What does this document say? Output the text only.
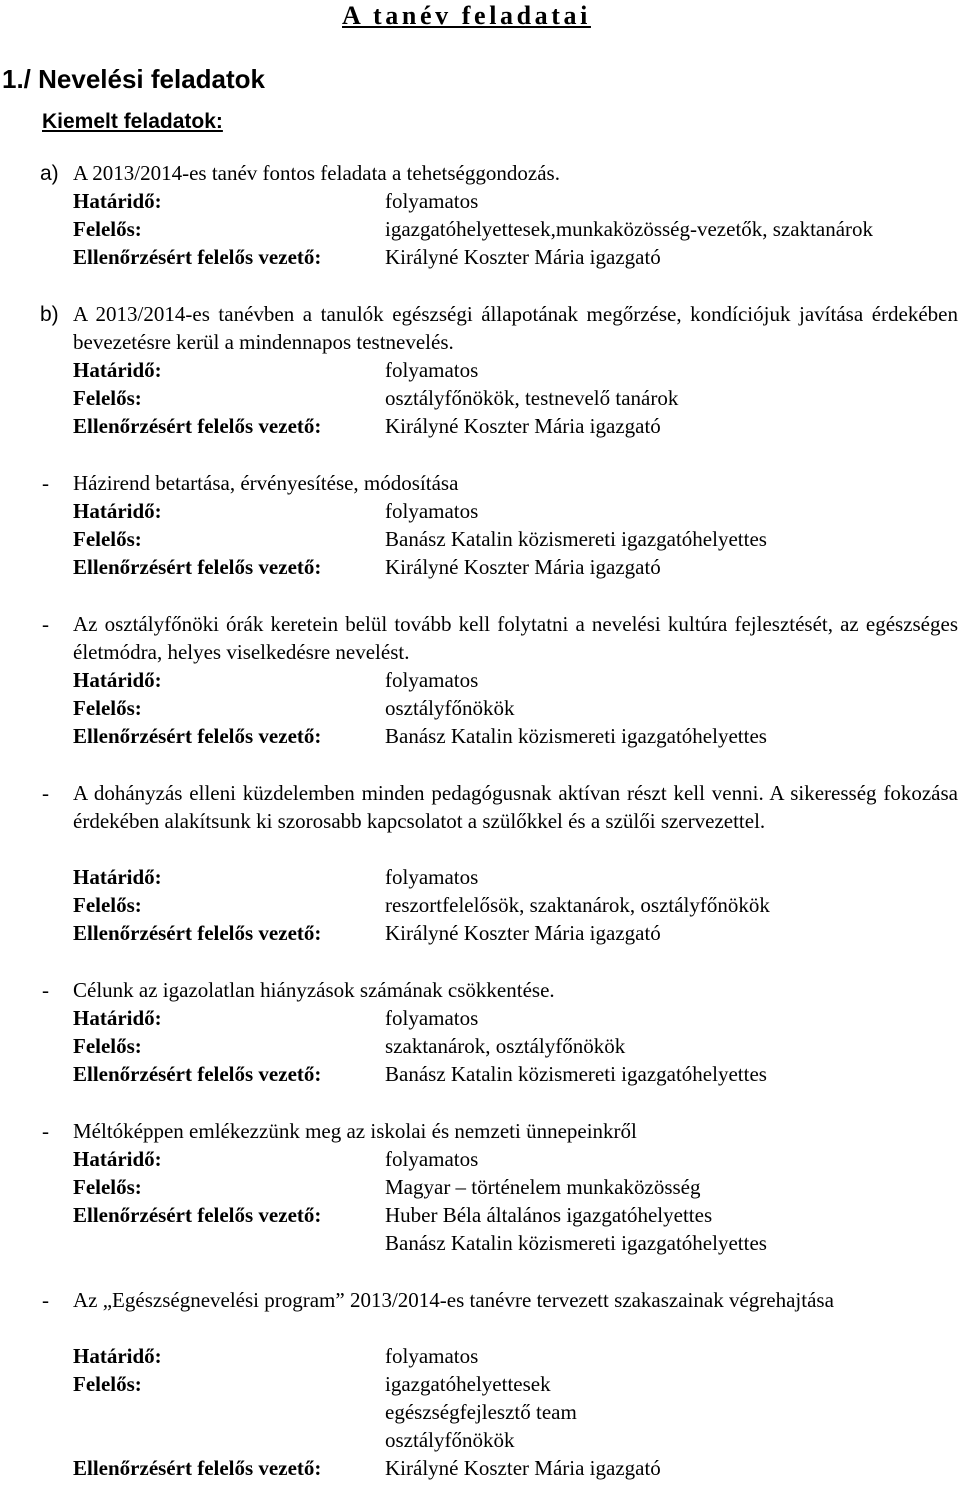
A tanév feladatai
1./ Nevelési feladatok
Kiemelt feladatok:
a) A 2013/2014-es tanév fontos feladata a tehetséggondozás.
Határidő:	folyamatos
Felelős:	igazgatóhelyettesek,munkaközösség-vezetők, szaktanárok
Ellenőrzésért felelős vezető:	Királyné Koszter Mária igazgató
b) A 2013/2014-es tanévben a tanulók egészségi állapotának megőrzése, kondíciójuk javítása érdekében bevezetésre kerül a mindennapos testnevelés.
Határidő:	folyamatos
Felelős:	osztályfőnökök, testnevelő tanárok
Ellenőrzésért felelős vezető:	Királyné Koszter Mária igazgató
- Házirend betartása, érvényesítése, módosítása
Határidő:	folyamatos
Felelős:	Banász Katalin közismereti igazgatóhelyettes
Ellenőrzésért felelős vezető:	Királyné Koszter Mária igazgató
- Az osztályfőnöki órák keretein belül tovább kell folytatni a nevelési kultúra fejlesztését, az egészséges életmódra, helyes viselkedésre nevelést.
Határidő:	folyamatos
Felelős:	osztályfőnökök
Ellenőrzésért felelős vezető:	Banász Katalin közismereti igazgatóhelyettes
- A dohányzás elleni küzdelemben minden pedagógusnak aktívan részt kell venni. A sikeresség fokozása érdekében alakítsunk ki szorosabb kapcsolatot a szülőkkel és a szülői szervezettel.
Határidő:	folyamatos
Felelős:	reszortfelelősök, szaktanárok, osztályfőnökök
Ellenőrzésért felelős vezető:	Királyné Koszter Mária igazgató
- Célunk az igazolatlan hiányzások számának csökkentése.
Határidő:	folyamatos
Felelős:	szaktanárok, osztályfőnökök
Ellenőrzésért felelős vezető:	Banász Katalin közismereti igazgatóhelyettes
- Méltóképpen emlékezzünk meg az iskolai és nemzeti ünnepeinkről
Határidő:	folyamatos
Felelős:	Magyar – történelem munkaközösség
Ellenőrzésért felelős vezető:	Huber Béla általános igazgatóhelyettes
Banász Katalin közismereti igazgatóhelyettes
- Az „Egészségnevelési program” 2013/2014-es tanévre tervezett szakaszainak végrehajtása
Határidő:	folyamatos
Felelős:	igazgatóhelyettesek
egészségfejlesztő team
osztályfőnökök
Ellenőrzésért felelős vezető:	Királyné Koszter Mária igazgató
